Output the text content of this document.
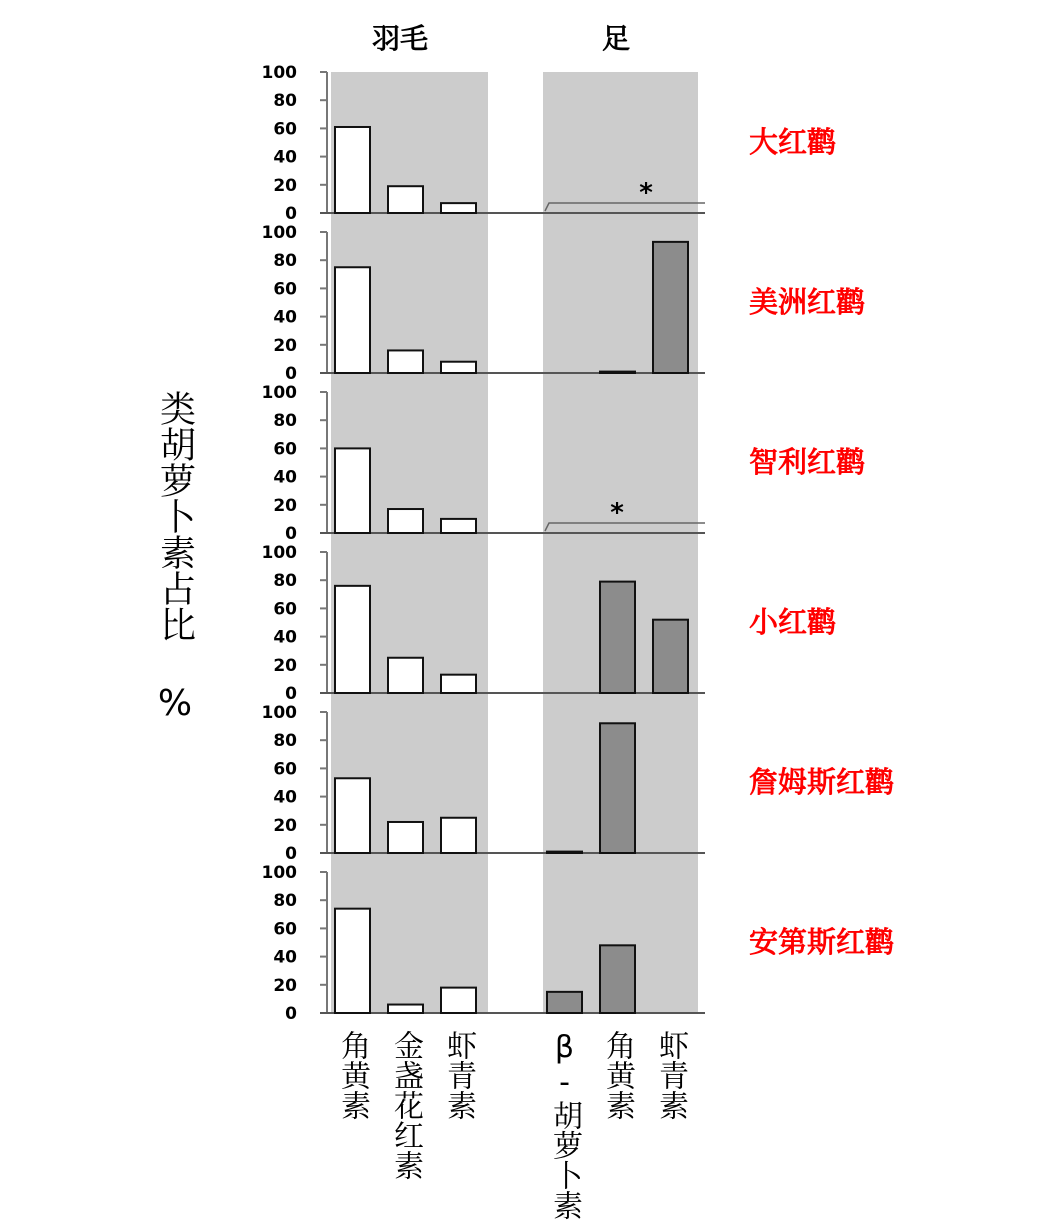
羽毛	足
0
20
40
60
80
100
*
大红鹳
0
20
40
60
80
100
美洲红鹳
0
20
40
60
80
100
*
智利红鹳
0
20
40
60
80
100
小红鹳
0
20
40
60
80
100
詹姆斯红鹳
0
20
40
60
80
100
安第斯红鹳
类胡萝卜素占比 %
角黄素 金盏花红素 虾青素 β-胡萝卜素 角黄素 虾青素
